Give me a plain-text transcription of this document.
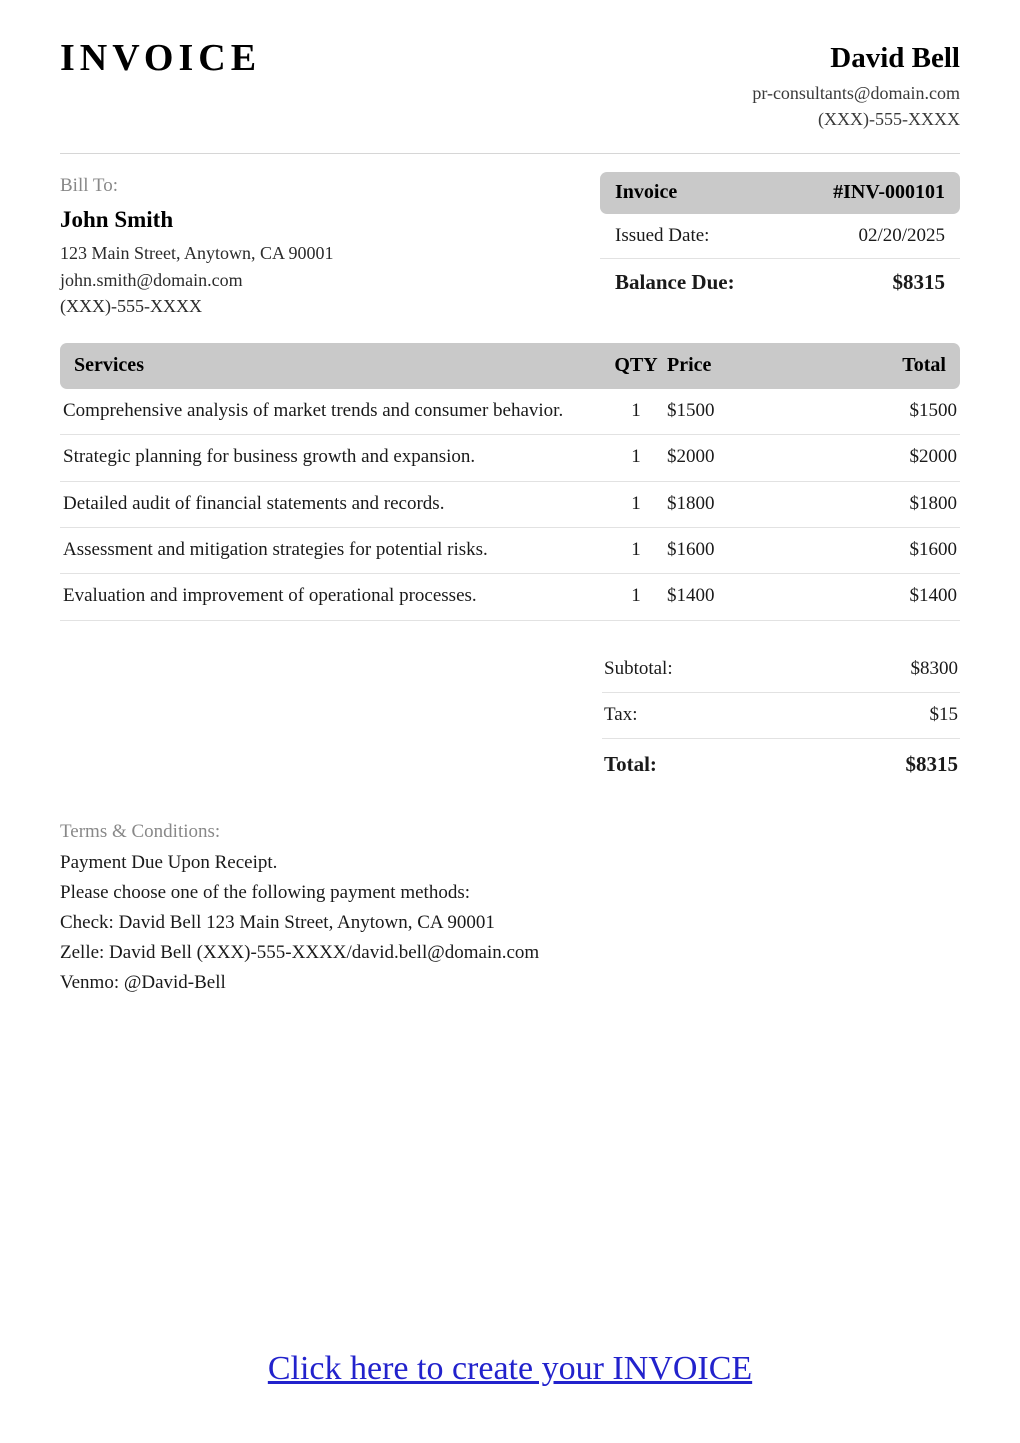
INVOICE	David Bell
pr-consultants@domain.com
(XXX)-555-XXXX
Bill To:
John Smith
123 Main Street, Anytown, CA 90001
john.smith@domain.com
(XXX)-555-XXXX
Invoice	#INV-000101
Issued Date:	02/20/2025
Balance Due:	$8315
Services	QTY	Price	Total
Comprehensive analysis of market trends and consumer behavior.	1	$1500	$1500
Strategic planning for business growth and expansion.	1	$2000	$2000
Detailed audit of financial statements and records.	1	$1800	$1800
Assessment and mitigation strategies for potential risks.	1	$1600	$1600
Evaluation and improvement of operational processes.	1	$1400	$1400
Subtotal:	$8300
Tax:	$15
Total:	$8315
Terms & Conditions:
Payment Due Upon Receipt.
Please choose one of the following payment methods:
Check: David Bell 123 Main Street, Anytown, CA 90001
Zelle: David Bell (XXX)-555-XXXX/david.bell@domain.com
Venmo: @David-Bell
Click here to create your INVOICE
